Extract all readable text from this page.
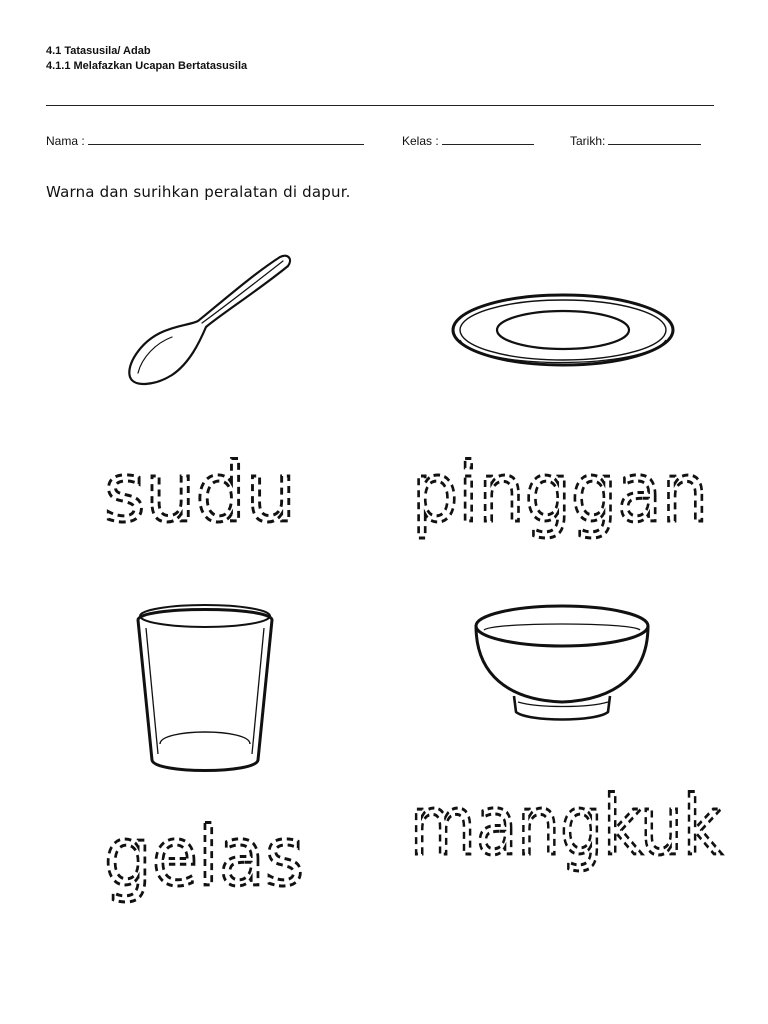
4.1 Tatasusila/ Adab
4.1.1 Melafazkan Ucapan Bertatasusila
Nama :	Kelas :	Tarikh:
Warna dan surihkan peralatan di dapur.
sudu pinggan
gelas mangkuk
